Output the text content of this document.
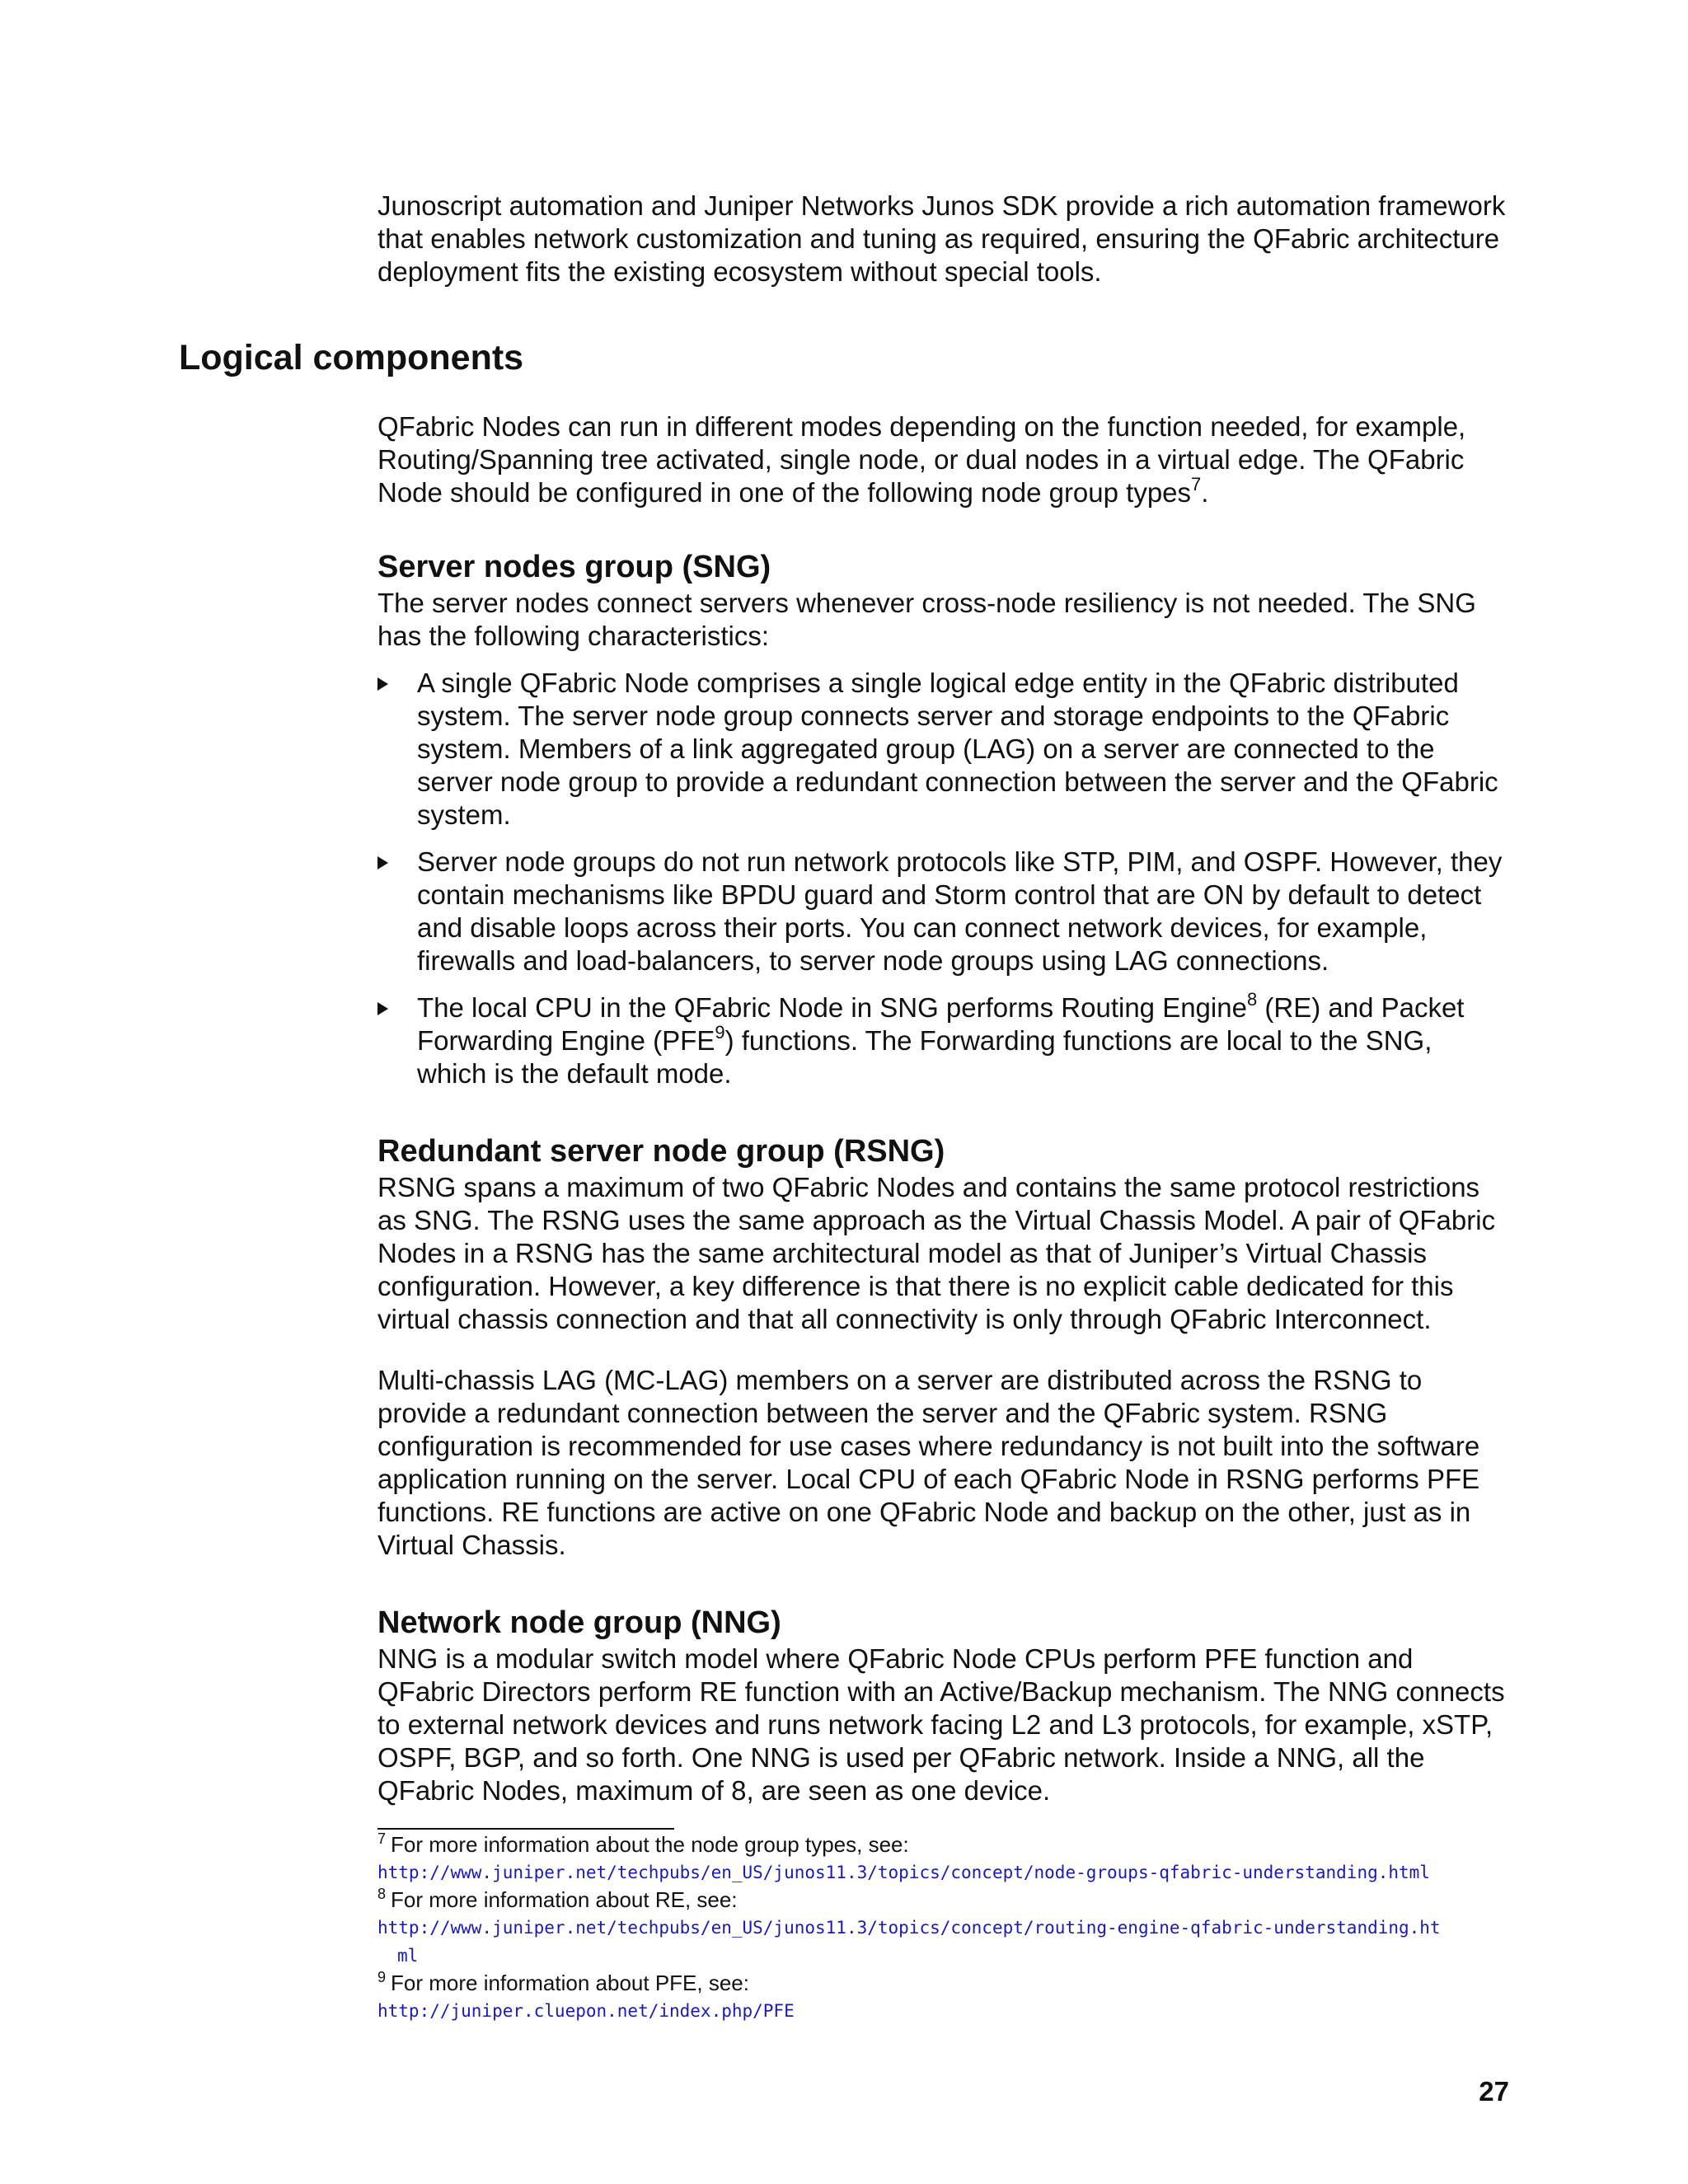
Junoscript automation and Juniper Networks Junos SDK provide a rich automation framework that enables network customization and tuning as required, ensuring the QFabric architecture deployment fits the existing ecosystem without special tools.

Logical components

QFabric Nodes can run in different modes depending on the function needed, for example, Routing/Spanning tree activated, single node, or dual nodes in a virtual edge. The QFabric Node should be configured in one of the following node group types$^7$.

Server nodes group (SNG)

The server nodes connect servers whenever cross-node resiliency is not needed. The SNG has the following characteristics:

A single QFabric Node comprises a single logical edge entity in the QFabric distributed system. The server node group connects server and storage endpoints to the QFabric system. Members of a link aggregated group (LAG) on a server are connected to the server node group to provide a redundant connection between the server and the QFabric system.
Server node groups do not run network protocols like STP, PIM, and OSPF. However, they contain mechanisms like BPDU guard and Storm control that are ON by default to detect and disable loops across their ports. You can connect network devices, for example, firewalls and load-balancers, to server node groups using LAG connections.
The local CPU in the QFabric Node in SNG performs Routing Engine$^8$ (RE) and Packet Forwarding Engine (PFE$^9$) functions. The Forwarding functions are local to the SNG, which is the default mode.
Redundant server node group (RSNG)

RSNG spans a maximum of two QFabric Nodes and contains the same protocol restrictions as SNG. The RSNG uses the same approach as the Virtual Chassis Model. A pair of QFabric Nodes in a RSNG has the same architectural model as that of Juniper’s Virtual Chassis configuration. However, a key difference is that there is no explicit cable dedicated for this virtual chassis connection and that all connectivity is only through QFabric Interconnect.

Multi-chassis LAG (MC-LAG) members on a server are distributed across the RSNG to provide a redundant connection between the server and the QFabric system. RSNG configuration is recommended for use cases where redundancy is not built into the software application running on the server. Local CPU of each QFabric Node in RSNG performs PFE functions. RE functions are active on one QFabric Node and backup on the other, just as in Virtual Chassis.

Network node group (NNG)

NNG is a modular switch model where QFabric Node CPUs perform PFE function and QFabric Directors perform RE function with an Active/Backup mechanism. The NNG connects to external network devices and runs network facing L2 and L3 protocols, for example, xSTP, OSPF, BGP, and so forth. One NNG is used per QFabric network. Inside a NNG, all the QFabric Nodes, maximum of 8, are seen as one device.

$^7$ For more information about the node group types, see:

http://www.juniper.net/techpubs/en_US/junos11.3/topics/concept/node-groups-qfabric-understanding.html

$^8$ For more information about RE, see:

http://www.juniper.net/techpubs/en_US/junos11.3/topics/concept/routing-engine-qfabric-understanding.ht
ml

$^9$ For more information about PFE, see:

http://juniper.cluepon.net/index.php/PFE

27
